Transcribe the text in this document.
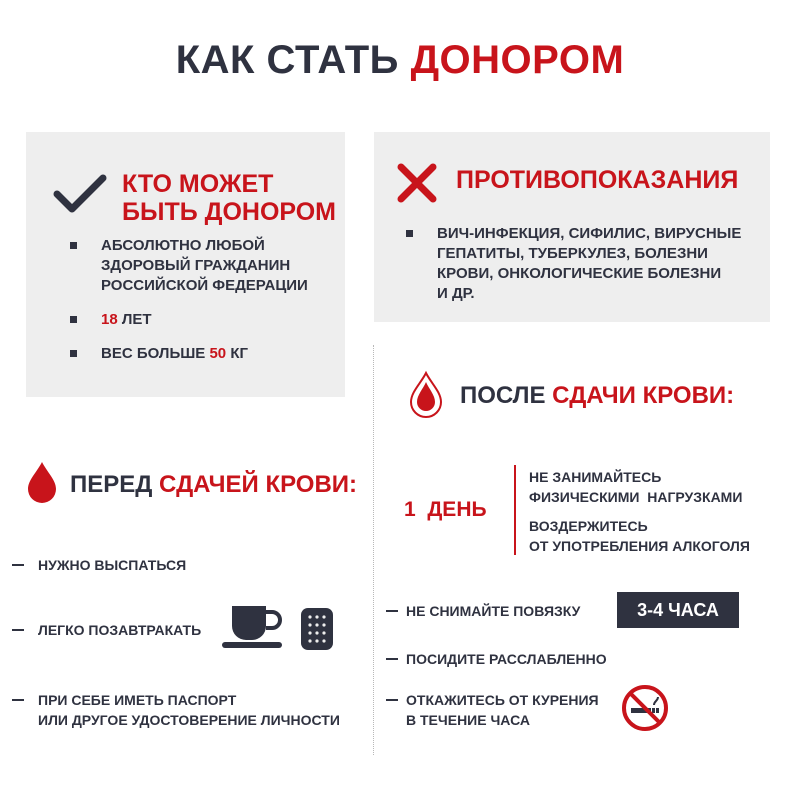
КАК СТАТЬ ДОНОРОМ
КТО МОЖЕТ
БЫТЬ ДОНОРОМ
АБСОЛЮТНО ЛЮБОЙ
ЗДОРОВЫЙ ГРАЖДАНИН
РОССИЙСКОЙ ФЕДЕРАЦИИ
18 ЛЕТ
ВЕС БОЛЬШЕ 50 КГ
ПРОТИВОПОКАЗАНИЯ
ВИЧ-ИНФЕКЦИЯ, СИФИЛИС, ВИРУСНЫЕ
ГЕПАТИТЫ, ТУБЕРКУЛЕЗ, БОЛЕЗНИ
КРОВИ, ОНКОЛОГИЧЕСКИЕ БОЛЕЗНИ
И ДР.
ПЕРЕД СДАЧЕЙ КРОВИ:
НУЖНО ВЫСПАТЬСЯ
ЛЕГКО ПОЗАВТРАКАТЬ
ПРИ СЕБЕ ИМЕТЬ ПАСПОРТ
ИЛИ ДРУГОЕ УДОСТОВЕРЕНИЕ ЛИЧНОСТИ
ПОСЛЕ СДАЧИ КРОВИ:
1  ДЕНЬ
НЕ ЗАНИМАЙТЕСЬ
ФИЗИЧЕСКИМИ  НАГРУЗКАМИ
ВОЗДЕРЖИТЕСЬ
ОТ УПОТРЕБЛЕНИЯ АЛКОГОЛЯ
НЕ СНИМАЙТЕ ПОВЯЗКУ	3-4 ЧАСА
ПОСИДИТЕ РАССЛАБЛЕННО
ОТКАЖИТЕСЬ ОТ КУРЕНИЯ
В ТЕЧЕНИЕ ЧАСА
